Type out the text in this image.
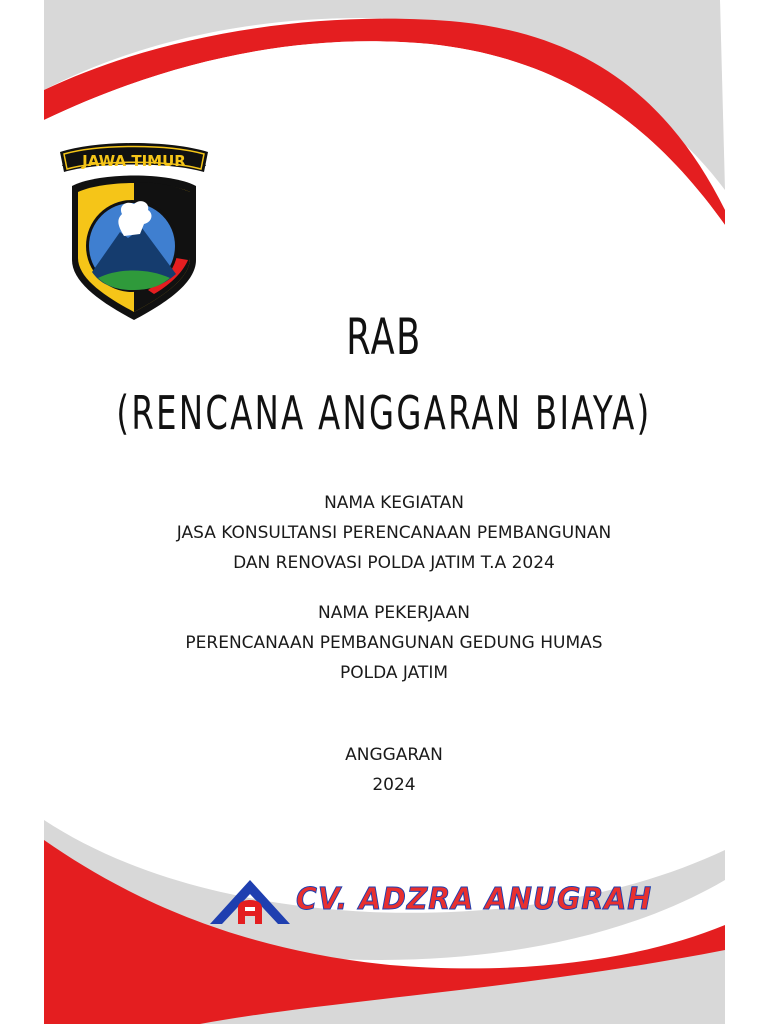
JAWA TIMUR
RAB
(RENCANA ANGGARAN BIAYA)
NAMA KEGIATAN
JASA KONSULTANSI PERENCANAAN PEMBANGUNAN
DAN RENOVASI POLDA JATIM T.A 2024
NAMA PEKERJAAN
PERENCANAAN PEMBANGUNAN GEDUNG HUMAS
POLDA JATIM
ANGGARAN
2024
CV. ADZRA ANUGRAH
